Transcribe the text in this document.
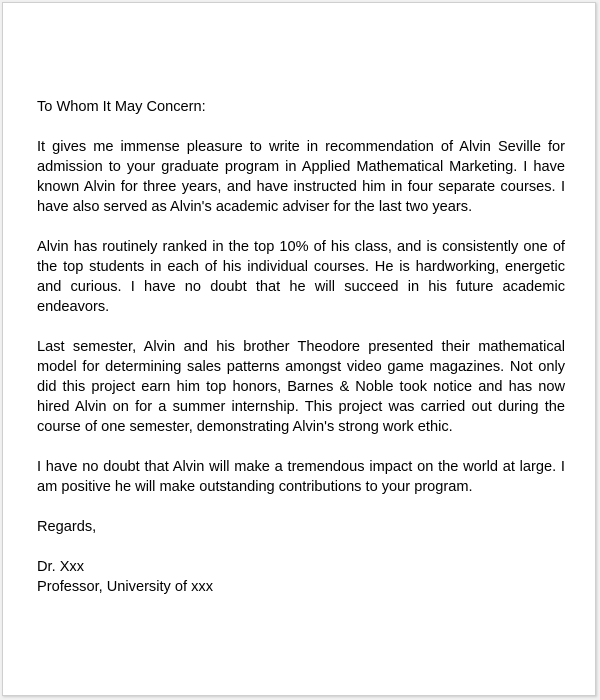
To Whom It May Concern:

It gives me immense pleasure to write in recommendation of Alvin Seville for admission to your graduate program in Applied Mathematical Marketing. I have known Alvin for three years, and have instructed him in four separate courses. I have also served as Alvin's academic adviser for the last two years.

Alvin has routinely ranked in the top 10% of his class, and is consistently one of the top students in each of his individual courses. He is hardworking, energetic and curious. I have no doubt that he will succeed in his future academic endeavors.

Last semester, Alvin and his brother Theodore presented their mathematical model for determining sales patterns amongst video game magazines. Not only did this project earn him top honors, Barnes & Noble took notice and has now hired Alvin on for a summer internship. This project was carried out during the course of one semester, demonstrating Alvin's strong work ethic.

I have no doubt that Alvin will make a tremendous impact on the world at large. I am positive he will make outstanding contributions to your program.

Regards,

Dr. Xxx

Professor, University of xxx
